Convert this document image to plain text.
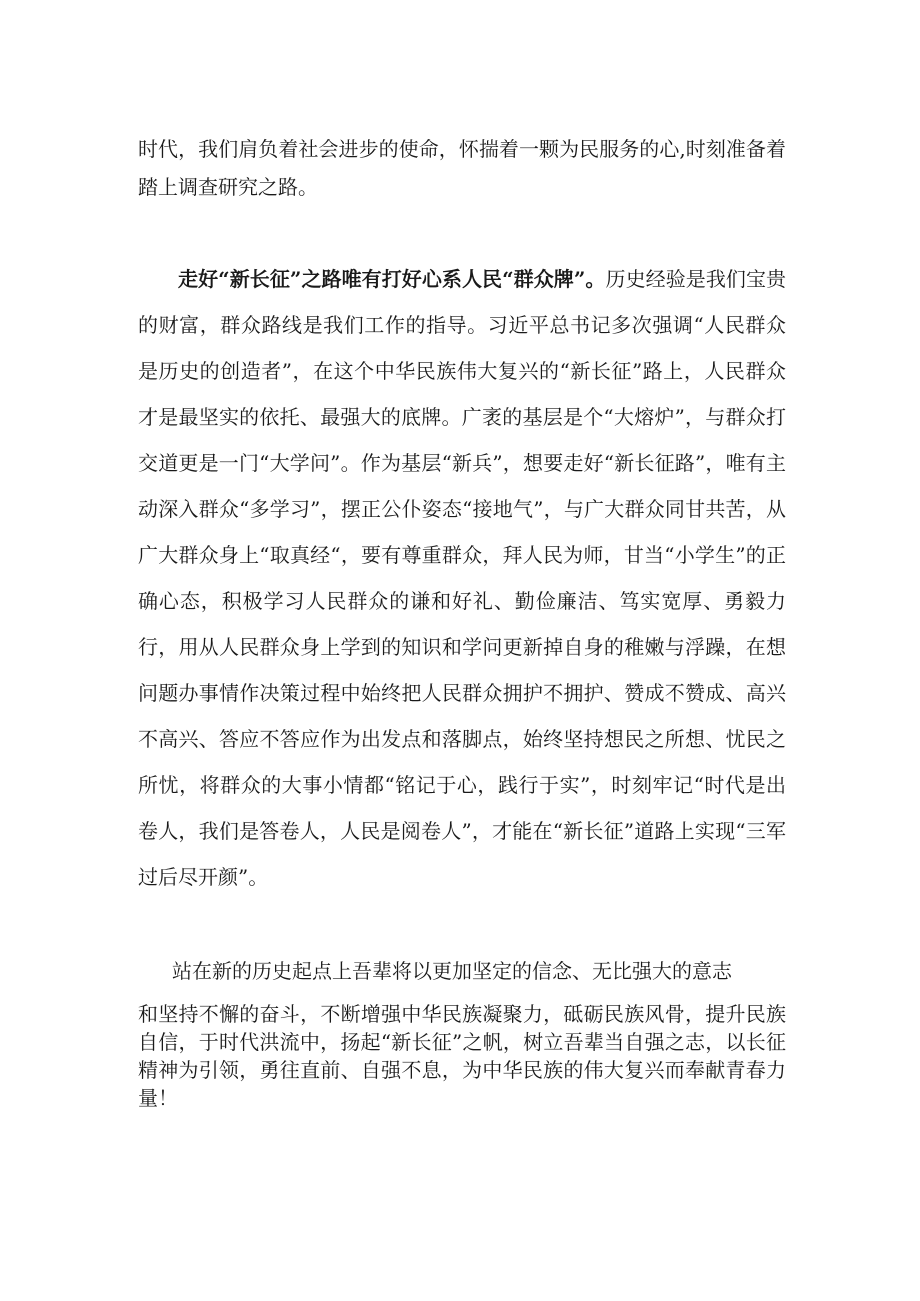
时代，我们肩负着社会进步的使命，怀揣着一颗为民服务的心,时刻准备着踏上调查研究之路。

走好“新长征”之路唯有打好心系人民“群众牌”。历史经验是我们宝贵的财富，群众路线是我们工作的指导。习近平总书记多次强调“人民群众是历史的创造者”，在这个中华民族伟大复兴的“新长征”路上，人民群众才是最坚实的依托、最强大的底牌。广袤的基层是个“大熔炉”，与群众打交道更是一门“大学问”。作为基层“新兵”，想要走好“新长征路”，唯有主动深入群众“多学习”，摆正公仆姿态“接地气”，与广大群众同甘共苦，从广大群众身上“取真经“，要有尊重群众，拜人民为师，甘当“小学生”的正确心态，积极学习人民群众的谦和好礼、勤俭廉洁、笃实宽厚、勇毅力行，用从人民群众身上学到的知识和学问更新掉自身的稚嫩与浮躁，在想问题办事情作决策过程中始终把人民群众拥护不拥护、赞成不赞成、高兴不高兴、答应不答应作为出发点和落脚点，始终坚持想民之所想、忧民之所忧，将群众的大事小情都“铭记于心，践行于实”，时刻牢记“时代是出卷人，我们是答卷人，人民是阅卷人”，才能在“新长征”道路上实现“三军过后尽开颜”。

站在新的历史起点上吾辈将以更加坚定的信念、无比强大的意志

和坚持不懈的奋斗，不断增强中华民族凝聚力，砥砺民族风骨，提升民族自信，于时代洪流中，扬起“新长征”之帆，树立吾辈当自强之志，以长征精神为引领，勇往直前、自强不息，为中华民族的伟大复兴而奉献青春力量！
